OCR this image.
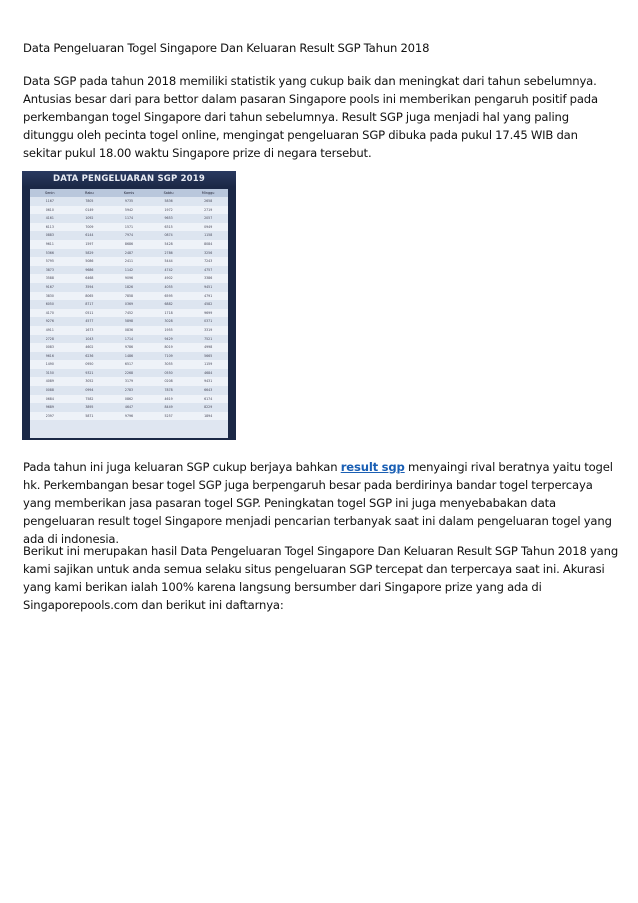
Data Pengeluaran Togel Singapore Dan Keluaran Result SGP Tahun 2018

Data SGP pada tahun 2018 memiliki statistik yang cukup baik dan meningkat dari tahun sebelumnya. Antusias besar dari para bettor dalam pasaran Singapore pools ini memberikan pengaruh positif pada perkembangan togel Singapore dari tahun sebelumnya. Result SGP juga menjadi hal yang paling ditunggu oleh pecinta togel online, mengingat pengeluaran SGP dibuka pada pukul 17.45 WIB dan sekitar pukul 18.00 waktu Singapore prize di negara tersebut.

DATA PENGELUARAN SGP 2019
Senin	Rabu	Kamis	Sabtu	Minggu
1167	7805	9735	5836	2658
0610	0149	5942	1972	2719
4161	1092	1174	9653	2057
6113	7009	1571	6315	0949
0883	6144	7974	0874	1158
9611	1597	8686	5428	8084
5366	5829	2487	2786	3256
5795	5086	2411	5444	7243
3873	9686	1142	4742	4757
3588	6468	9096	4902	3386
9167	3594	1826	4055	9451
3830	8065	7858	6595	4791
6050	8717	0369	6882	4582
4170	0511	7452	1718	9699
9276	4577	5898	3028	0371
4911	1673	0836	1955	3319
2728	1043	1714	9429	7521
0083	4602	9786	8019	4998
9616	6236	1486	7109	5665
1490	0950	6517	3055	1159
3150	9321	2268	0550	4684
4089	3052	3179	0208	9431
0088	0994	2783	7878	6643
0684	7582	0862	4619	6174
9689	3895	4647	8449	8229
2397	5871	9796	5257	1894

Pada tahun ini juga keluaran SGP cukup berjaya bahkan result sgp menyaingi rival beratnya yaitu togel hk. Perkembangan besar togel SGP juga berpengaruh besar pada berdirinya bandar togel terpercaya yang memberikan jasa pasaran togel SGP. Peningkatan togel SGP ini juga menyebabakan data pengeluaran result togel Singapore menjadi pencarian terbanyak saat ini dalam pengeluaran togel yang ada di indonesia.

Berikut ini merupakan hasil Data Pengeluaran Togel Singapore Dan Keluaran Result SGP Tahun 2018 yang kami sajikan untuk anda semua selaku situs pengeluaran SGP tercepat dan terpercaya saat ini. Akurasi yang kami berikan ialah 100% karena langsung bersumber dari Singapore prize yang ada di Singaporepools.com dan berikut ini daftarnya:
